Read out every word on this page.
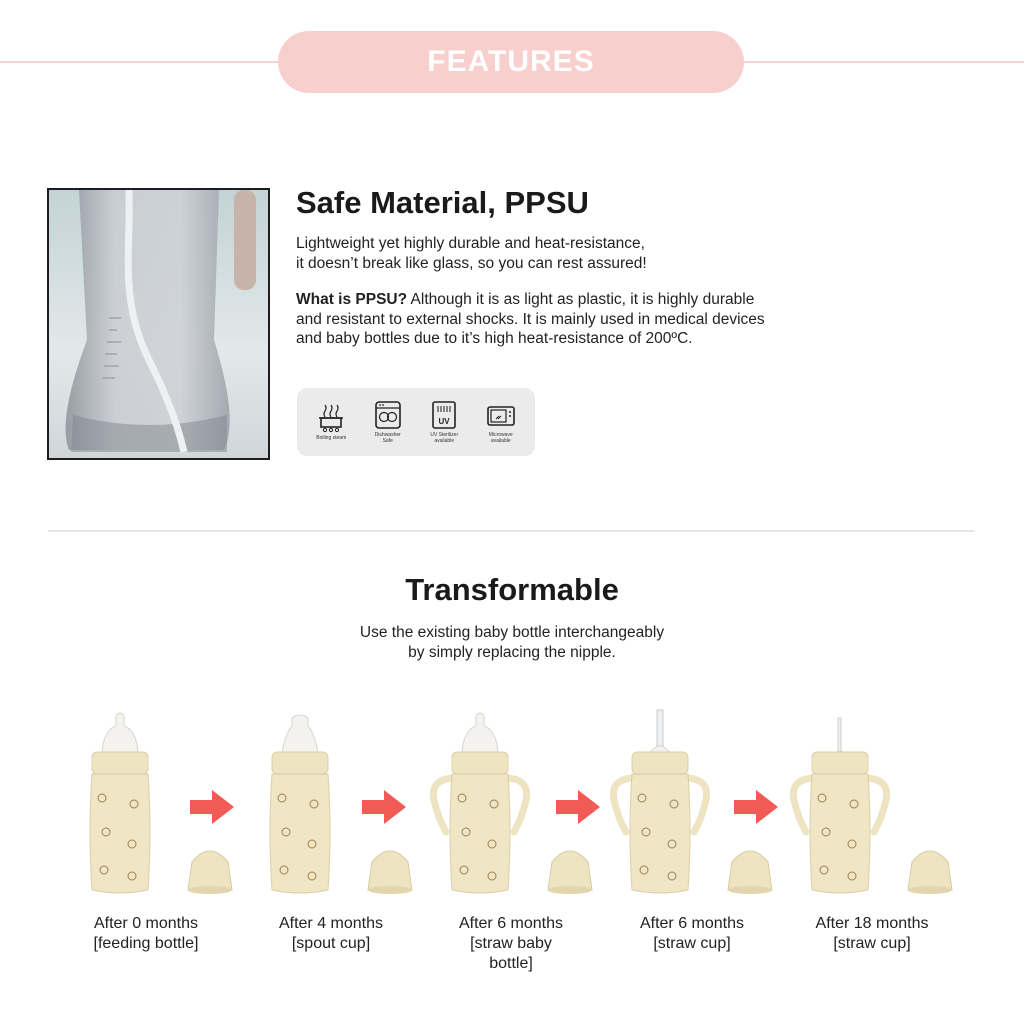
FEATURES
Safe Material, PPSU
Lightweight yet highly durable and heat-resistance,
it doesn’t break like glass, so you can rest assured!
What is PPSU? Although it is as light as plastic, it is highly durable and resistant to external shocks. It is mainly used in medical devices and baby bottles due to it’s high heat-resistance of 200ºC.
Boiling steam	Dishwasher
Safe
UV
UV Sterilizer
available
Microwave
available
Transformable
Use the existing baby bottle interchangeably
by simply replacing the nipple.
After 0 months
[feeding bottle]
After 4 months
[spout cup]
After 6 months
[straw baby
bottle]
After 6 months
[straw cup]
After 18 months
[straw cup]
